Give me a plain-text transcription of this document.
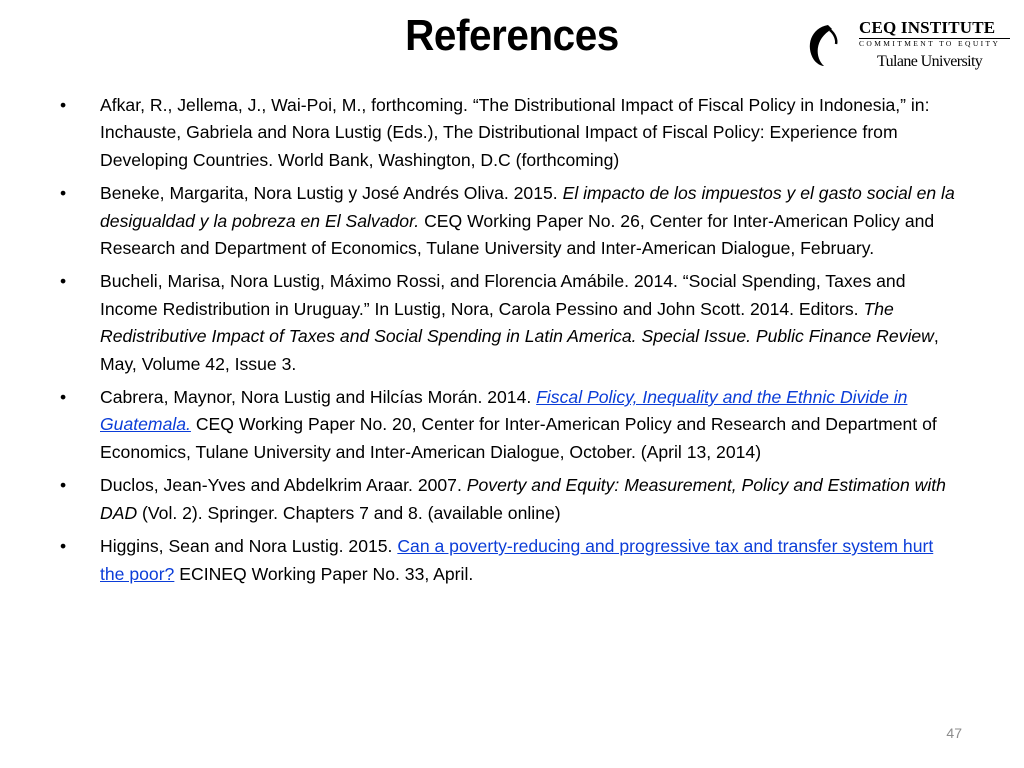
References	CEQ INSTITUTE
COMMITMENT TO EQUITY
Tulane University
• Afkar, R., Jellema, J., Wai-Poi, M., forthcoming. “The Distributional Impact of Fiscal Policy in Indonesia,” in: Inchauste, Gabriela and Nora Lustig (Eds.), The Distributional Impact of Fiscal Policy: Experience from Developing Countries. World Bank, Washington, D.C (forthcoming)
• Beneke, Margarita, Nora Lustig y José Andrés Oliva. 2015. El impacto de los impuestos y el gasto social en la desigualdad y la pobreza en El Salvador. CEQ Working Paper No. 26, Center for Inter-American Policy and Research and Department of Economics, Tulane University and Inter-American Dialogue, February.
• Bucheli, Marisa, Nora Lustig, Máximo Rossi, and Florencia Amábile. 2014. “Social Spending, Taxes and Income Redistribution in Uruguay.” In Lustig, Nora, Carola Pessino and John Scott. 2014. Editors. The Redistributive Impact of Taxes and Social Spending in Latin America. Special Issue. Public Finance Review, May, Volume 42, Issue 3.
• Cabrera, Maynor, Nora Lustig and Hilcías Morán. 2014. Fiscal Policy, Inequality and the Ethnic Divide in Guatemala. CEQ Working Paper No. 20, Center for Inter-American Policy and Research and Department of Economics, Tulane University and Inter-American Dialogue, October. (April 13, 2014)
• Duclos, Jean-Yves and Abdelkrim Araar. 2007. Poverty and Equity: Measurement, Policy and Estimation with DAD (Vol. 2). Springer. Chapters 7 and 8. (available online)
• Higgins, Sean and Nora Lustig. 2015. Can a poverty-reducing and progressive tax and transfer system hurt the poor? ECINEQ Working Paper No. 33, April.
47
